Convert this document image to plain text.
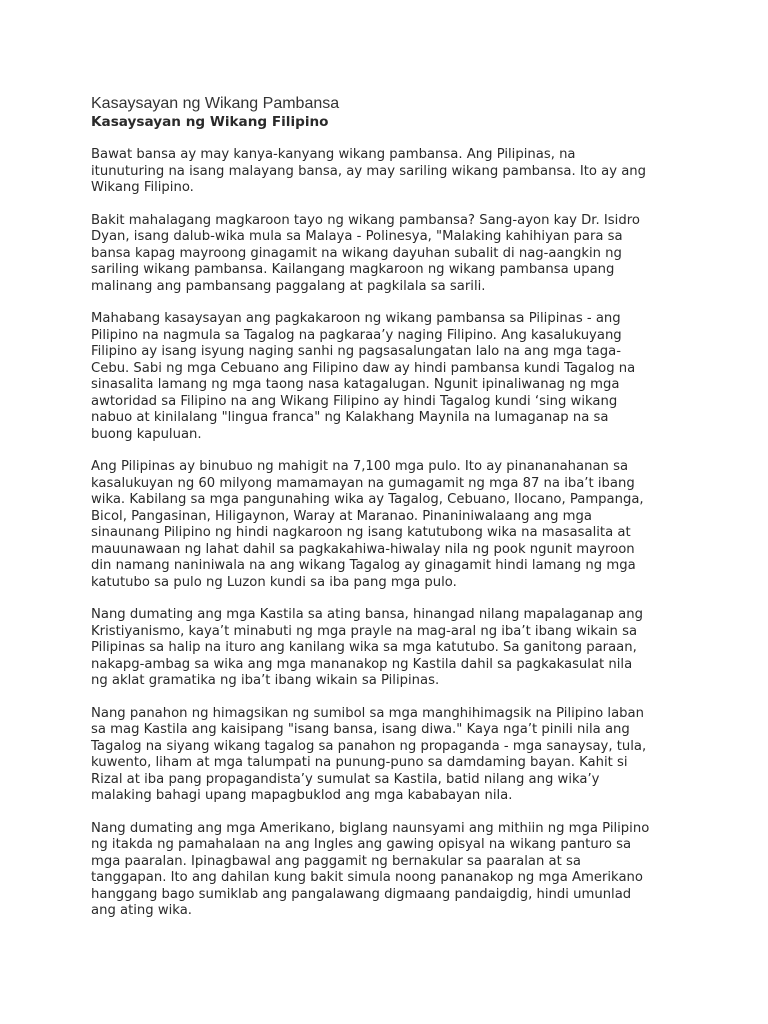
Kasaysayan ng Wikang Pambansa
Kasaysayan ng Wikang Filipino

Bawat bansa ay may kanya-kanyang wikang pambansa. Ang Pilipinas, na
itunuturing na isang malayang bansa, ay may sariling wikang pambansa. Ito ay ang
Wikang Filipino.

Bakit mahalagang magkaroon tayo ng wikang pambansa? Sang-ayon kay Dr. Isidro
Dyan, isang dalub-wika mula sa Malaya - Polinesya, "Malaking kahihiyan para sa
bansa kapag mayroong ginagamit na wikang dayuhan subalit di nag-aangkin ng
sariling wikang pambansa. Kailangang magkaroon ng wikang pambansa upang
malinang ang pambansang paggalang at pagkilala sa sarili.

Mahabang kasaysayan ang pagkakaroon ng wikang pambansa sa Pilipinas - ang
Pilipino na nagmula sa Tagalog na pagkaraa’y naging Filipino. Ang kasalukuyang
Filipino ay isang isyung naging sanhi ng pagsasalungatan lalo na ang mga taga-
Cebu. Sabi ng mga Cebuano ang Filipino daw ay hindi pambansa kundi Tagalog na
sinasalita lamang ng mga taong nasa katagalugan. Ngunit ipinaliwanag ng mga
awtoridad sa Filipino na ang Wikang Filipino ay hindi Tagalog kundi ‘sing wikang
nabuo at kinilalang "lingua franca" ng Kalakhang Maynila na lumaganap na sa
buong kapuluan.

Ang Pilipinas ay binubuo ng mahigit na 7,100 mga pulo. Ito ay pinananahanan sa
kasalukuyan ng 60 milyong mamamayan na gumagamit ng mga 87 na iba’t ibang
wika. Kabilang sa mga pangunahing wika ay Tagalog, Cebuano, Ilocano, Pampanga,
Bicol, Pangasinan, Hiligaynon, Waray at Maranao. Pinaniniwalaang ang mga
sinaunang Pilipino ng hindi nagkaroon ng isang katutubong wika na masasalita at
mauunawaan ng lahat dahil sa pagkakahiwa-hiwalay nila ng pook ngunit mayroon
din namang naniniwala na ang wikang Tagalog ay ginagamit hindi lamang ng mga
katutubo sa pulo ng Luzon kundi sa iba pang mga pulo.

Nang dumating ang mga Kastila sa ating bansa, hinangad nilang mapalaganap ang
Kristiyanismo, kaya’t minabuti ng mga prayle na mag-aral ng iba’t ibang wikain sa
Pilipinas sa halip na ituro ang kanilang wika sa mga katutubo. Sa ganitong paraan,
nakapg-ambag sa wika ang mga mananakop ng Kastila dahil sa pagkakasulat nila
ng aklat gramatika ng iba’t ibang wikain sa Pilipinas.

Nang panahon ng himagsikan ng sumibol sa mga manghihimagsik na Pilipino laban
sa mag Kastila ang kaisipang "isang bansa, isang diwa." Kaya nga’t pinili nila ang
Tagalog na siyang wikang tagalog sa panahon ng propaganda - mga sanaysay, tula,
kuwento, liham at mga talumpati na punung-puno sa damdaming bayan. Kahit si
Rizal at iba pang propagandista’y sumulat sa Kastila, batid nilang ang wika’y
malaking bahagi upang mapagbuklod ang mga kababayan nila.

Nang dumating ang mga Amerikano, biglang naunsyami ang mithiin ng mga Pilipino
ng itakda ng pamahalaan na ang Ingles ang gawing opisyal na wikang panturo sa
mga paaralan. Ipinagbawal ang paggamit ng bernakular sa paaralan at sa
tanggapan. Ito ang dahilan kung bakit simula noong pananakop ng mga Amerikano
hanggang bago sumiklab ang pangalawang digmaang pandaigdig, hindi umunlad
ang ating wika.
